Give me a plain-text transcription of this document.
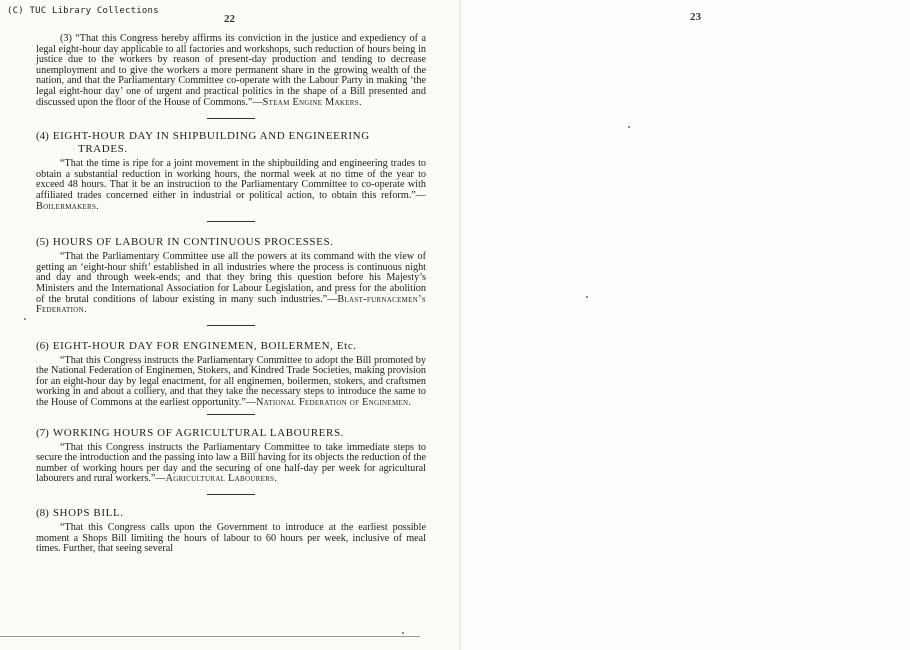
(C) TUC Library Collections
22	23

(3) “That this Congress hereby affirms its conviction in the justice and expediency of a legal eight-hour day applicable to all factories and workshops, such reduction of hours being in justice due to the workers by reason of present-day production and tending to decrease unemployment and to give the workers a more permanent share in the growing wealth of the nation, and that the Parliamentary Committee co-operate with the Labour Party in making ‘the legal eight-hour day’ one of urgent and practical politics in the shape of a Bill presented and discussed upon the floor of the House of Commons.”—Steam Engine Makers.

(4) EIGHT-HOUR DAY IN SHIPBUILDING AND ENGINEERING
TRADES.

“That the time is ripe for a joint movement in the shipbuilding and engineering trades to obtain a substantial reduction in working hours, the normal week at no time of the year to exceed 48 hours. That it be an instruction to the Parliamentary Committee to co-operate with affiliated trades concerned either in industrial or political action, to obtain this reform.”—Boilermakers.

(5) HOURS OF LABOUR IN CONTINUOUS PROCESSES.

“That the Parliamentary Committee use all the powers at its command with the view of getting an ‘eight-hour shift’ established in all industries where the process is continuous night and day and through week-ends; and that they bring this question before his Majesty’s Ministers and the International Association for Labour Legislation, and press for the abolition of the brutal conditions of labour existing in many such industries.”—Blast-furnacemen’s Federation.

(6) EIGHT-HOUR DAY FOR ENGINEMEN, BOILERMEN, Etc.

“That this Congress instructs the Parliamentary Committee to adopt the Bill promoted by the National Federation of Enginemen, Stokers, and Kindred Trade Societies, making provision for an eight-hour day by legal enactment, for all enginemen, boilermen, stokers, and craftsmen working in and about a colliery, and that they take the necessary steps to introduce the same to the House of Commons at the earliest opportunity.”—National Federation of Enginemen.

(7) WORKING HOURS OF AGRICULTURAL LABOURERS.

“That this Congress instructs the Parliamentary Committee to take immediate steps to secure the introduction and the passing into law a Bill having for its objects the reduction of the number of working hours per day and the securing of one half-day per week for agricultural labourers and rural workers.”—Agricultural Labourers.

(8) SHOPS BILL.

“That this Congress calls upon the Government to introduce at the earliest possible moment a Shops Bill limiting the hours of labour to 60 hours per week, inclusive of meal times. Further, that seeing several
